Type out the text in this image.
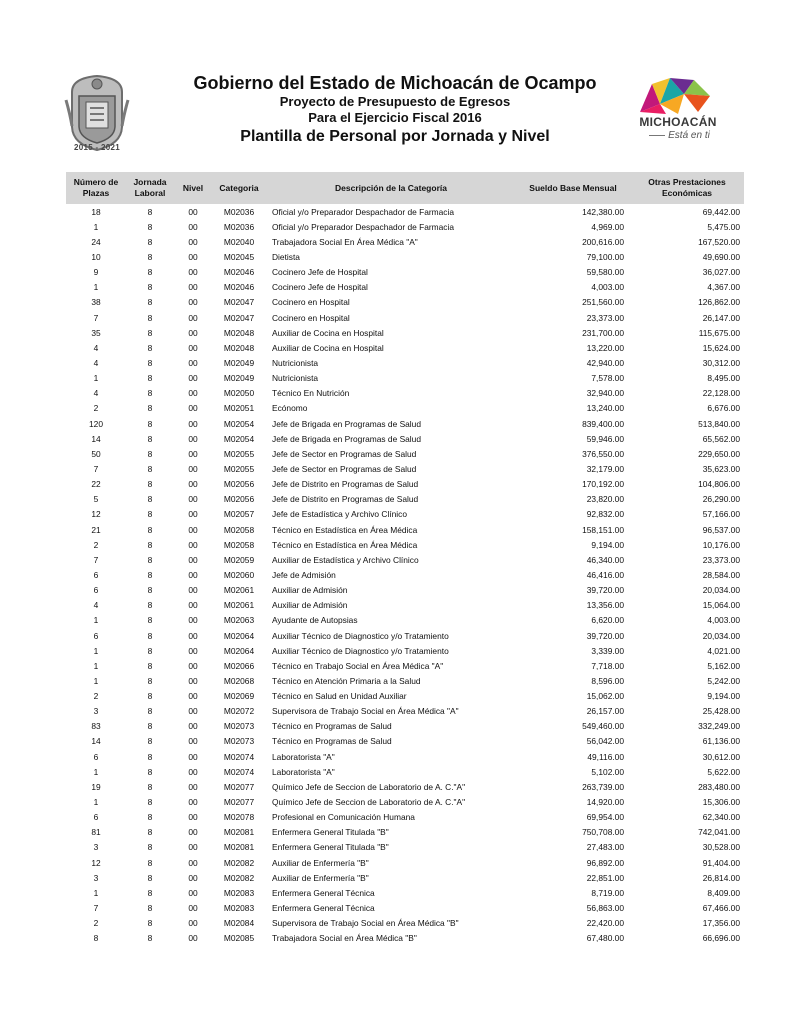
2015 - 2021
Gobierno del Estado de Michoacán de Ocampo
Proyecto de Presupuesto de Egresos
Para el Ejercicio Fiscal 2016
Plantilla de Personal por Jornada y Nivel
MICHOACÁN
Está en ti
Número de Plazas	Jornada Laboral	Nivel	Categoria	Descripción de la Categoría	Sueldo Base Mensual	Otras Prestaciones Económicas
18	8	00	M02036	Oficial y/o Preparador Despachador de Farmacia	142,380.00	69,442.00
1	8	00	M02036	Oficial y/o Preparador Despachador de Farmacia	4,969.00	5,475.00
24	8	00	M02040	Trabajadora Social En Área Médica "A"	200,616.00	167,520.00
10	8	00	M02045	Dietista	79,100.00	49,690.00
9	8	00	M02046	Cocinero Jefe de Hospital	59,580.00	36,027.00
1	8	00	M02046	Cocinero Jefe de Hospital	4,003.00	4,367.00
38	8	00	M02047	Cocinero en Hospital	251,560.00	126,862.00
7	8	00	M02047	Cocinero en Hospital	23,373.00	26,147.00
35	8	00	M02048	Auxiliar de Cocina en Hospital	231,700.00	115,675.00
4	8	00	M02048	Auxiliar de Cocina en Hospital	13,220.00	15,624.00
4	8	00	M02049	Nutricionista	42,940.00	30,312.00
1	8	00	M02049	Nutricionista	7,578.00	8,495.00
4	8	00	M02050	Técnico En Nutrición	32,940.00	22,128.00
2	8	00	M02051	Ecónomo	13,240.00	6,676.00
120	8	00	M02054	Jefe de Brigada en Programas de Salud	839,400.00	513,840.00
14	8	00	M02054	Jefe de Brigada en Programas de Salud	59,946.00	65,562.00
50	8	00	M02055	Jefe de Sector en Programas de Salud	376,550.00	229,650.00
7	8	00	M02055	Jefe de Sector en Programas de Salud	32,179.00	35,623.00
22	8	00	M02056	Jefe de Distrito en Programas de Salud	170,192.00	104,806.00
5	8	00	M02056	Jefe de Distrito en Programas de Salud	23,820.00	26,290.00
12	8	00	M02057	Jefe de Estadística y Archivo Clínico	92,832.00	57,166.00
21	8	00	M02058	Técnico en Estadística en Área Médica	158,151.00	96,537.00
2	8	00	M02058	Técnico en Estadística en Área Médica	9,194.00	10,176.00
7	8	00	M02059	Auxiliar de Estadística y Archivo Clínico	46,340.00	23,373.00
6	8	00	M02060	Jefe de Admisión	46,416.00	28,584.00
6	8	00	M02061	Auxiliar de Admisión	39,720.00	20,034.00
4	8	00	M02061	Auxiliar de Admisión	13,356.00	15,064.00
1	8	00	M02063	Ayudante de Autopsias	6,620.00	4,003.00
6	8	00	M02064	Auxiliar Técnico de Diagnostico y/o Tratamiento	39,720.00	20,034.00
1	8	00	M02064	Auxiliar Técnico de Diagnostico y/o Tratamiento	3,339.00	4,021.00
1	8	00	M02066	Técnico en Trabajo Social en Área Médica "A"	7,718.00	5,162.00
1	8	00	M02068	Técnico en Atención Primaria a la Salud	8,596.00	5,242.00
2	8	00	M02069	Técnico en Salud en Unidad Auxiliar	15,062.00	9,194.00
3	8	00	M02072	Supervisora de Trabajo Social en Área Médica "A"	26,157.00	25,428.00
83	8	00	M02073	Técnico en Programas de Salud	549,460.00	332,249.00
14	8	00	M02073	Técnico en Programas de Salud	56,042.00	61,136.00
6	8	00	M02074	Laboratorista "A"	49,116.00	30,612.00
1	8	00	M02074	Laboratorista "A"	5,102.00	5,622.00
19	8	00	M02077	Químico Jefe de Seccion de Laboratorio de A. C."A"	263,739.00	283,480.00
1	8	00	M02077	Químico Jefe de Seccion de Laboratorio de A. C."A"	14,920.00	15,306.00
6	8	00	M02078	Profesional en Comunicación Humana	69,954.00	62,340.00
81	8	00	M02081	Enfermera General Titulada "B"	750,708.00	742,041.00
3	8	00	M02081	Enfermera General Titulada "B"	27,483.00	30,528.00
12	8	00	M02082	Auxiliar de Enfermería "B"	96,892.00	91,404.00
3	8	00	M02082	Auxiliar de Enfermería "B"	22,851.00	26,814.00
1	8	00	M02083	Enfermera General Técnica	8,719.00	8,409.00
7	8	00	M02083	Enfermera General Técnica	56,863.00	67,466.00
2	8	00	M02084	Supervisora de Trabajo Social en Área Médica "B"	22,420.00	17,356.00
8	8	00	M02085	Trabajadora Social en Área Médica "B"	67,480.00	66,696.00
